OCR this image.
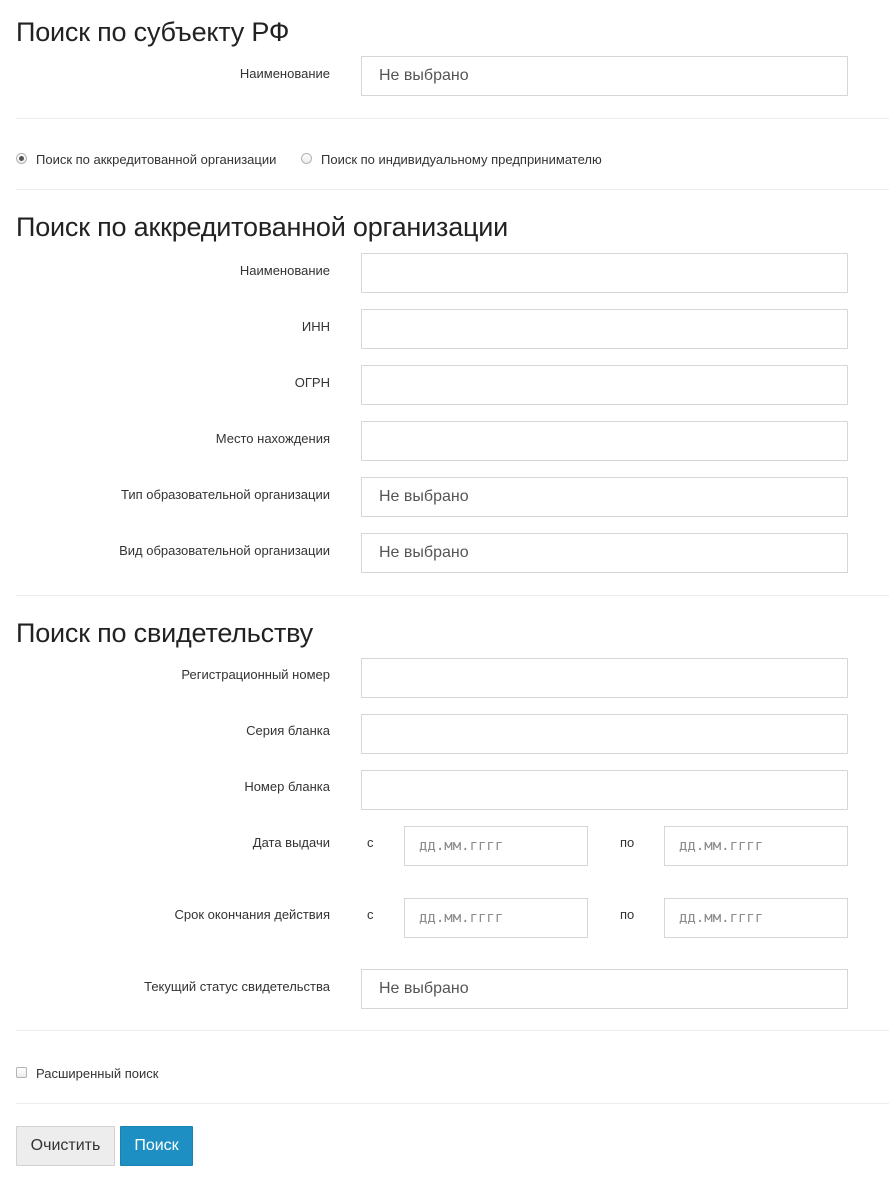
Поиск по субъекту РФ
Наименование	Не выбрано
Поиск по аккредитованной организации	Поиск по индивидуальному предпринимателю
Поиск по аккредитованной организации
Наименование
ИНН
ОГРН
Место нахождения
Тип образовательной организации	Не выбрано
Вид образовательной организации	Не выбрано
Поиск по свидетельству
Регистрационный номер
Серия бланка
Номер бланка
Дата выдачи	с	дд.мм.гггг	по	дд.мм.гггг
Срок окончания действия	с	дд.мм.гггг	по	дд.мм.гггг
Текущий статус свидетельства	Не выбрано
Расширенный поиск
Очистить	Поиск
